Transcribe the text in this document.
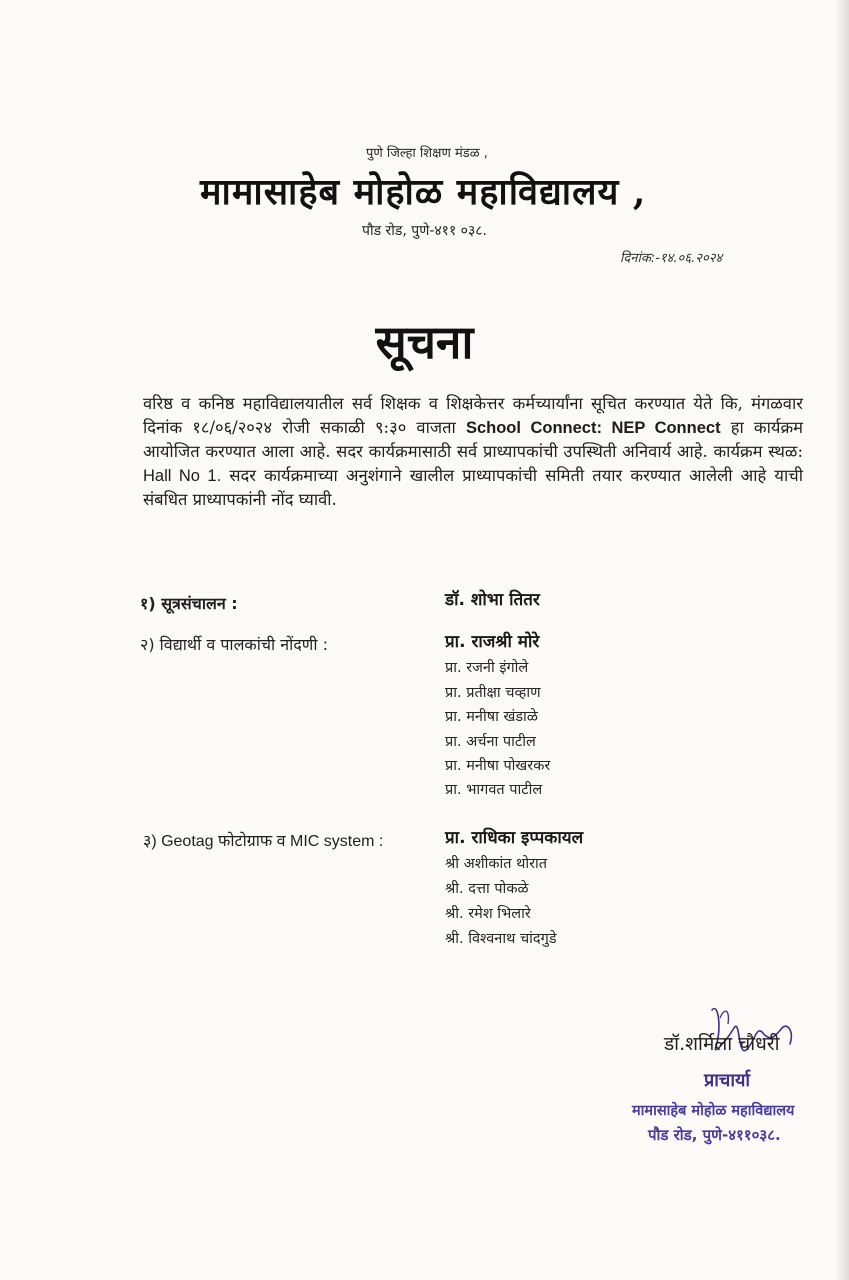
पुणे जिल्हा शिक्षण मंडळ ,
मामासाहेब मोहोळ महाविद्यालय ,
पौड रोड, पुणे-४११ ०३८.
दिनांक:-१४.०६.२०२४
सूचना
वरिष्ठ व कनिष्ठ महाविद्यालयातील सर्व शिक्षक व शिक्षकेत्तर कर्मच्यार्यांना सूचित करण्यात येते कि, मंगळवार दिनांक १८/०६/२०२४ रोजी सकाळी ९:३० वाजता School Connect: NEP Connect हा कार्यक्रम आयोजित करण्यात आला आहे. सदर कार्यक्रमासाठी सर्व प्राध्यापकांची उपस्थिती अनिवार्य आहे. कार्यक्रम स्थळ: Hall No 1. सदर कार्यक्रमाच्या अनुशंगाने खालील प्राध्यापकांची समिती तयार करण्यात आलेली आहे याची संबधित प्राध्यापकांनी नोंद घ्यावी.
१) सूत्रसंचालन :	डॉ. शोभा तितर
२) विद्यार्थी व पालकांची नोंदणी :	प्रा. राजश्री मोरे
प्रा. रजनी इंगोले
प्रा. प्रतीक्षा चव्हाण
प्रा. मनीषा खंडाळे
प्रा. अर्चना पाटील
प्रा. मनीषा पोखरकर
प्रा. भागवत पाटील
३) Geotag फोटोग्राफ व MIC system :	प्रा. राधिका इप्पकायल
श्री अशीकांत थोरात
श्री. दत्ता पोकळे
श्री. रमेश भिलारे
श्री. विश्वनाथ चांदगुडे
डॉ.शर्मिला चौधरी
प्राचार्या
मामासाहेब मोहोळ महाविद्यालय
पौड रोड, पुणे-४११०३८.
